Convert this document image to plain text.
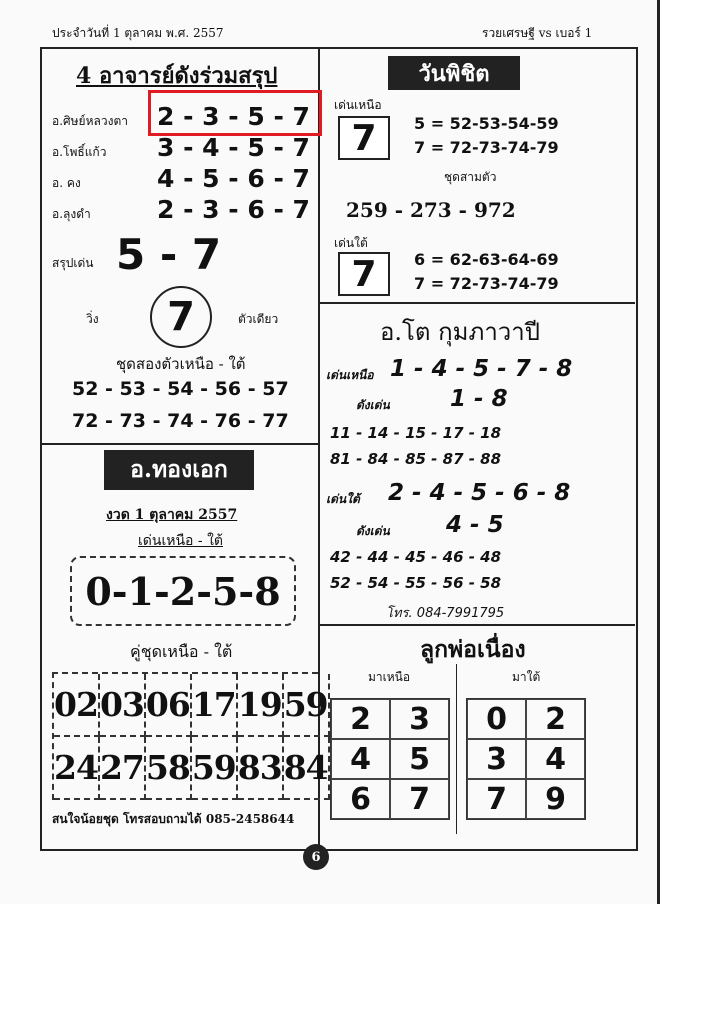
ประจำวันที่ 1 ตุลาคม พ.ศ. 2557	รวยเศรษฐี vs เบอร์ 1
4 อาจารย์ดังร่วมสรุป
อ.ศิษย์หลวงตา 2 - 3 - 5 - 7
อ.โพธิ์แก้ว 3 - 4 - 5 - 7
อ. คง	4 - 5 - 6 - 7
อ.ลุงดำ	2 - 3 - 6 - 7
สรุปเด่น 5 - 7
วิ่ง	7	ตัวเดียว
ชุดสองตัวเหนือ - ใต้
52 - 53 - 54 - 56 - 57
72 - 73 - 74 - 76 - 77
วันพิชิต
เด่นเหนือ
7	5 = 52-53-54-59
7 = 72-73-74-79
ชุดสามตัว
259 - 273 - 972
เด่นใต้
7	6 = 62-63-64-69
7 = 72-73-74-79
อ.โต กุมภาวาปี
เด่นเหนือ 1 - 4 - 5 - 7 - 8
ดังเด่น	1 - 8
11 - 14 - 15 - 17 - 18
81 - 84 - 85 - 87 - 88
เด่นใต้ 2 - 4 - 5 - 6 - 8
ดังเด่น 4 - 5
42 - 44 - 45 - 46 - 48
52 - 54 - 55 - 56 - 58
โทร. 084-7991795
อ.ทองเอก
งวด 1 ตุลาคม 2557
เด่นเหนือ - ใต้
0-1-2-5-8
คู่ชุดเหนือ - ใต้
02 03 06 17 19 59
24 27 58 59 83 84
สนใจน้อยชุด โทรสอบถามได้ 085-2458644
ลูกพ่อเนื่อง
มาเหนือ	มาใต้
2	3
4	5
6	7
0	2
3	4
7	9
6
